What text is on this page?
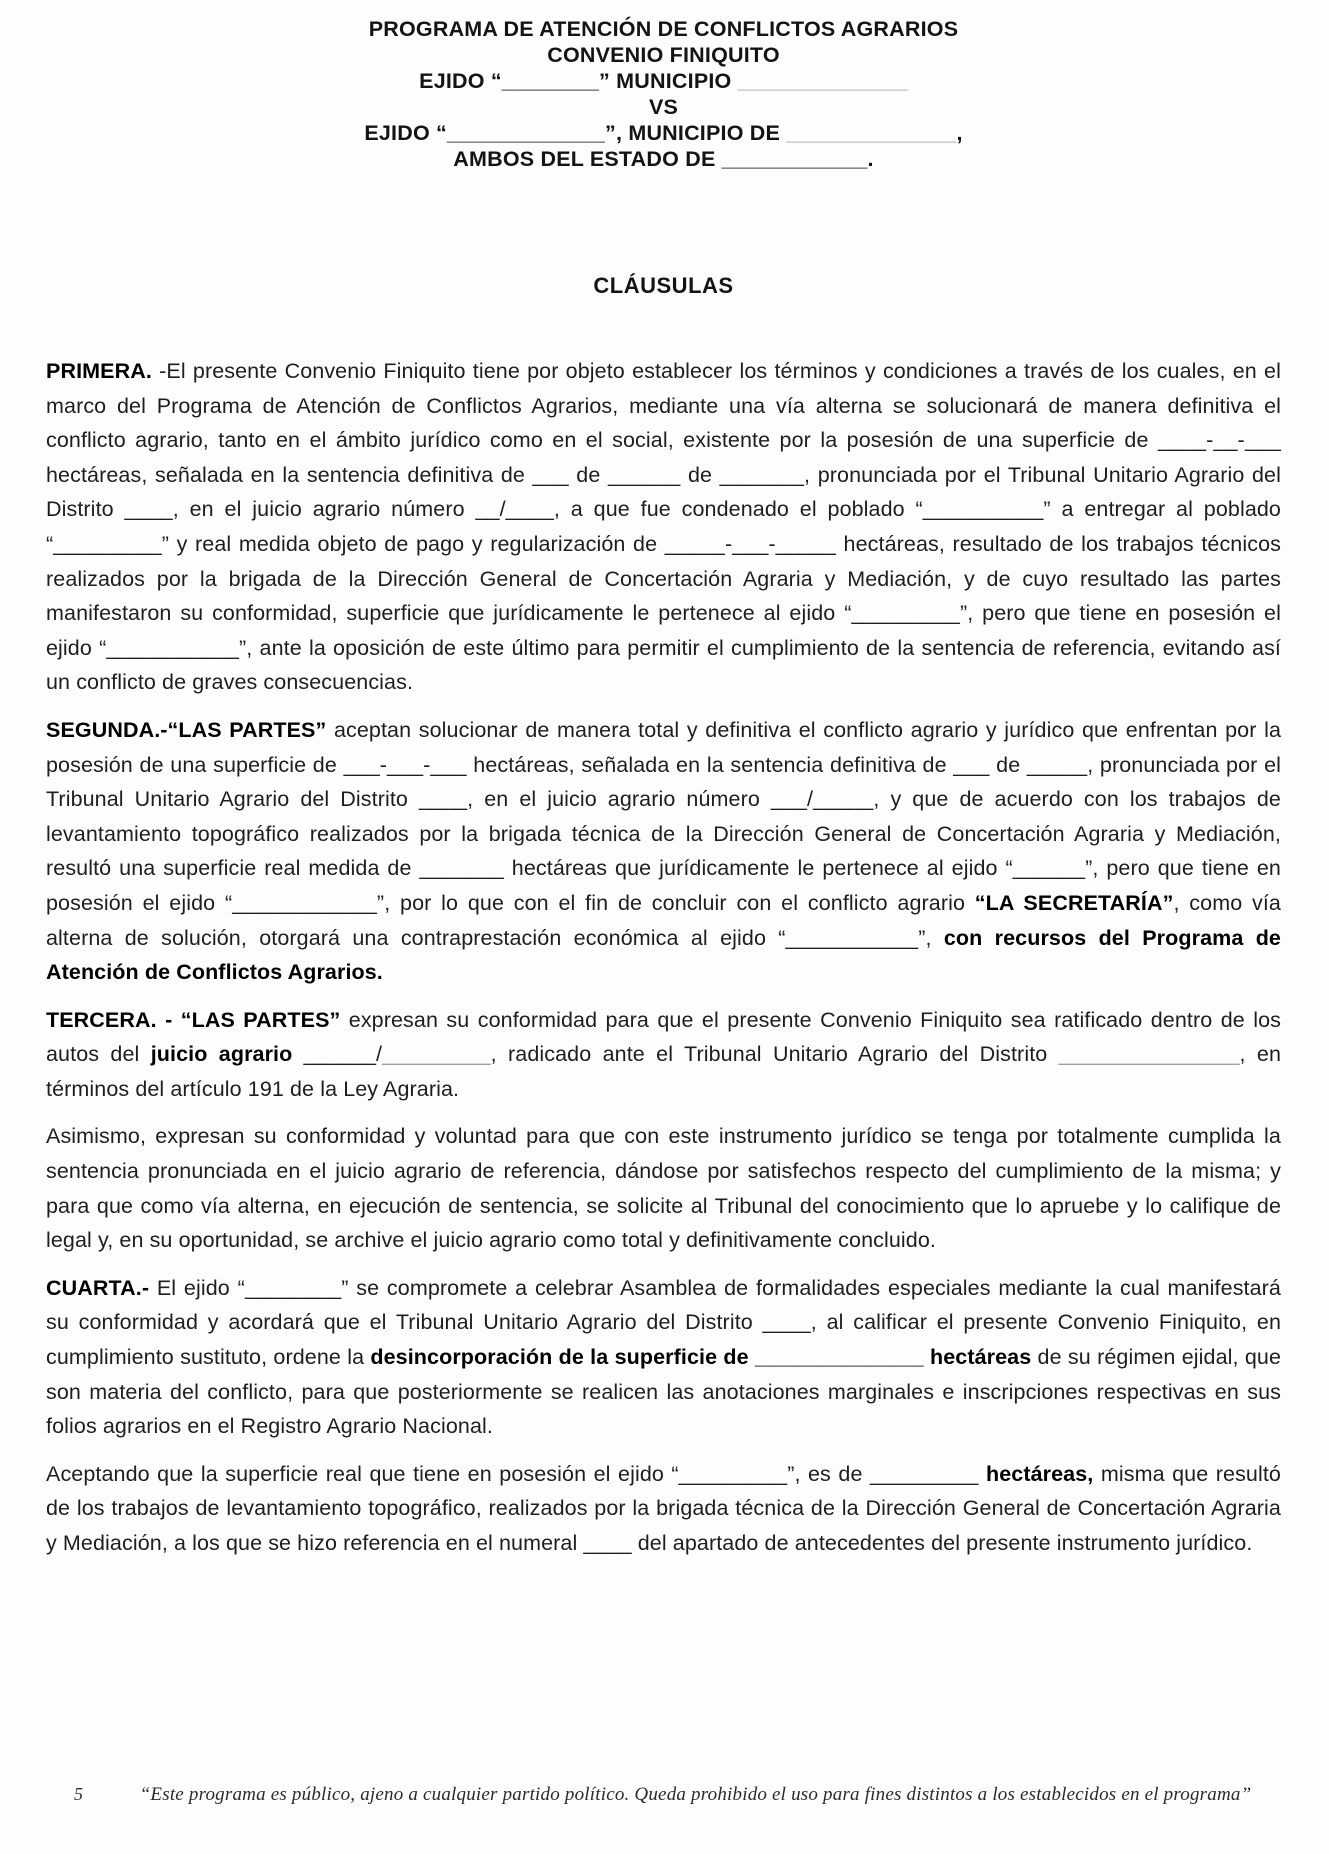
PROGRAMA DE ATENCIÓN DE CONFLICTOS AGRARIOS
CONVENIO FINIQUITO
EJIDO “________” MUNICIPIO ______________
VS
EJIDO “_____________”, MUNICIPIO DE ______________,
AMBOS DEL ESTADO DE ____________.
CLÁUSULAS

PRIMERA. -El presente Convenio Finiquito tiene por objeto establecer los términos y condiciones a través de los cuales, en el marco del Programa de Atención de Conflictos Agrarios, mediante una vía alterna se solucionará de manera definitiva el conflicto agrario, tanto en el ámbito jurídico como en el social, existente por la posesión de una superficie de ____-__-___ hectáreas, señalada en la sentencia definitiva de ___ de ______ de _______, pronunciada por el Tribunal Unitario Agrario del Distrito ____, en el juicio agrario número __/____, a que fue condenado el poblado “__________” a entregar al poblado “_________” y real medida objeto de pago y regularización de _____-___-_____ hectáreas, resultado de los trabajos técnicos realizados por la brigada de la Dirección General de Concertación Agraria y Mediación, y de cuyo resultado las partes manifestaron su conformidad, superficie que jurídicamente le pertenece al ejido “_________”, pero que tiene en posesión el ejido “___________”, ante la oposición de este último para permitir el cumplimiento de la sentencia de referencia, evitando así un conflicto de graves consecuencias.

SEGUNDA.-“LAS PARTES” aceptan solucionar de manera total y definitiva el conflicto agrario y jurídico que enfrentan por la posesión de una superficie de ___-___-___ hectáreas, señalada en la sentencia definitiva de ___ de _____, pronunciada por el Tribunal Unitario Agrario del Distrito ____, en el juicio agrario número ___/_____, y que de acuerdo con los trabajos de levantamiento topográfico realizados por la brigada técnica de la Dirección General de Concertación Agraria y Mediación, resultó una superficie real medida de _______ hectáreas que jurídicamente le pertenece al ejido “______”, pero que tiene en posesión el ejido “____________”, por lo que con el fin de concluir con el conflicto agrario “LA SECRETARÍA”, como vía alterna de solución, otorgará una contraprestación económica al ejido “___________”, con recursos del Programa de Atención de Conflictos Agrarios.

TERCERA. - “LAS PARTES” expresan su conformidad para que el presente Convenio Finiquito sea ratificado dentro de los autos del juicio agrario ______/_________, radicado ante el Tribunal Unitario Agrario del Distrito _______________, en términos del artículo 191 de la Ley Agraria.

Asimismo, expresan su conformidad y voluntad para que con este instrumento jurídico se tenga por totalmente cumplida la sentencia pronunciada en el juicio agrario de referencia, dándose por satisfechos respecto del cumplimiento de la misma; y para que como vía alterna, en ejecución de sentencia, se solicite al Tribunal del conocimiento que lo apruebe y lo califique de legal y, en su oportunidad, se archive el juicio agrario como total y definitivamente concluido.

CUARTA.- El ejido “________” se compromete a celebrar Asamblea de formalidades especiales mediante la cual manifestará su conformidad y acordará que el Tribunal Unitario Agrario del Distrito ____, al calificar el presente Convenio Finiquito, en cumplimiento sustituto, ordene la desincorporación de la superficie de ______________ hectáreas de su régimen ejidal, que son materia del conflicto, para que posteriormente se realicen las anotaciones marginales e inscripciones respectivas en sus folios agrarios en el Registro Agrario Nacional.

Aceptando que la superficie real que tiene en posesión el ejido “_________”, es de _________ hectáreas, misma que resultó de los trabajos de levantamiento topográfico, realizados por la brigada técnica de la Dirección General de Concertación Agraria y Mediación, a los que se hizo referencia en el numeral ____ del apartado de antecedentes del presente instrumento jurídico.

5	“Este programa es público, ajeno a cualquier partido político. Queda prohibido el uso para fines distintos a los establecidos en el programa”
